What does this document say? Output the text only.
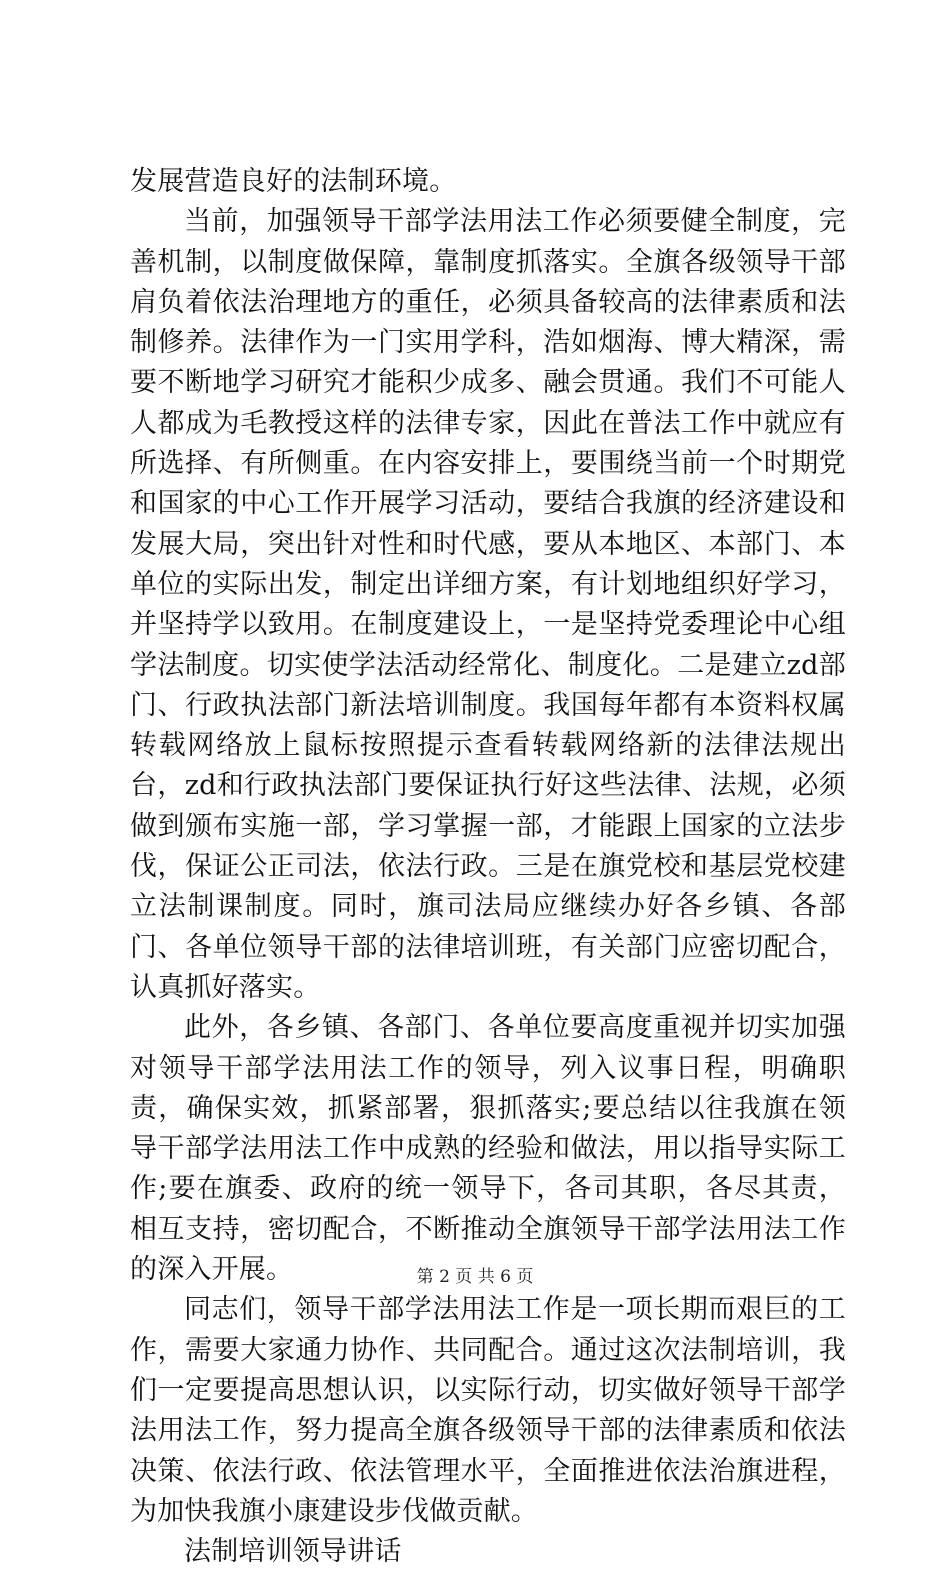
发展营造良好的法制环境。

当前，加强领导干部学法用法工作必须要健全制度，完善机制，以制度做保障，靠制度抓落实。全旗各级领导干部肩负着依法治理地方的重任，必须具备较高的法律素质和法制修养。法律作为一门实用学科，浩如烟海、博大精深，需要不断地学习研究才能积少成多、融会贯通。我们不可能人人都成为毛教授这样的法律专家，因此在普法工作中就应有所选择、有所侧重。在内容安排上，要围绕当前一个时期党和国家的中心工作开展学习活动，要结合我旗的经济建设和发展大局，突出针对性和时代感，要从本地区、本部门、本单位的实际出发，制定出详细方案，有计划地组织好学习，并坚持学以致用。在制度建设上，一是坚持党委理论中心组学法制度。切实使学法活动经常化、制度化。二是建立zd部门、行政执法部门新法培训制度。我国每年都有本资料权属转载网络放上鼠标按照提示查看转载网络新的法律法规出台，zd和行政执法部门要保证执行好这些法律、法规，必须做到颁布实施一部，学习掌握一部，才能跟上国家的立法步伐，保证公正司法，依法行政。三是在旗党校和基层党校建立法制课制度。同时，旗司法局应继续办好各乡镇、各部门、各单位领导干部的法律培训班，有关部门应密切配合，认真抓好落实。

此外，各乡镇、各部门、各单位要高度重视并切实加强对领导干部学法用法工作的领导，列入议事日程，明确职责，确保实效，抓紧部署，狠抓落实;要总结以往我旗在领导干部学法用法工作中成熟的经验和做法，用以指导实际工作;要在旗委、政府的统一领导下，各司其职，各尽其责，相互支持，密切配合，不断推动全旗领导干部学法用法工作的深入开展。

同志们，领导干部学法用法工作是一项长期而艰巨的工作，需要大家通力协作、共同配合。通过这次法制培训，我们一定要提高思想认识，以实际行动，切实做好领导干部学法用法工作，努力提高全旗各级领导干部的法律素质和依法决策、依法行政、依法管理水平，全面推进依法治旗进程，为加快我旗小康建设步伐做贡献。

法制培训领导讲话

第 2 页 共 6 页
